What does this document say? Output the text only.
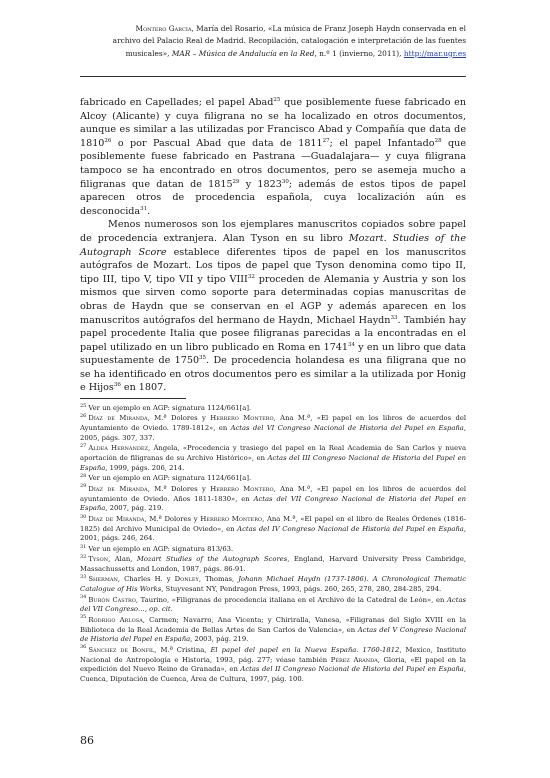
Montero García, María del Rosario, «La música de Franz Joseph Haydn conservada en el
archivo del Palacio Real de Madrid. Recopilación, catalogación e interpretación de las fuentes
musicales», MAR – Música de Andalucía en la Red, n.º 1 (invierno, 2011), http://mar.ugr.es

fabricado en Capellades; el papel Abad$^{25}$ que posiblemente fuese fabricado en Alcoy (Alicante) y cuya filigrana no se ha localizado en otros documentos, aunque es similar a las utilizadas por Francisco Abad y Compañía que data de 1810$^{26}$ o por Pascual Abad que data de 1811$^{27}$; el papel Infantado$^{28}$ que posiblemente fuese fabricado en Pastrana —Guadalajara— y cuya filigrana tampoco se ha encontrado en otros documentos, pero se asemeja mucho a filigranas que datan de 1815$^{29}$ y 1823$^{30}$; además de estos tipos de papel aparecen otros de procedencia española, cuya localización aún es desconocida$^{31}$.

Menos numerosos son los ejemplares manuscritos copiados sobre papel de procedencia extranjera. Alan Tyson en su libro Mozart. Studies of the Autograph Score establece diferentes tipos de papel en los manuscritos autógrafos de Mozart. Los tipos de papel que Tyson denomina como tipo II, tipo III, tipo V, tipo VII y tipo VIII$^{32}$ proceden de Alemania y Austria y son los mismos que sirven como soporte para determinadas copias manuscritas de obras de Haydn que se conservan en el AGP y además aparecen en los manuscritos autógrafos del hermano de Haydn, Michael Haydn$^{33}$. También hay papel procedente Italia que posee filigranas parecidas a la encontradas en el papel utilizado en un libro publicado en Roma en 1741$^{34}$ y en un libro que data supuestamente de 1750$^{35}$. De procedencia holandesa es una filigrana que no se ha identificado en otros documentos pero es similar a la utilizada por Honig e Hijos$^{36}$ en 1807.

$^{25}$ Ver un ejemplo en AGP: signatura 1124/661[a].
$^{26}$ Díaz de Miranda, M.ª Dolores y Herrero Montero, Ana M.ª, «El papel en los libros de acuerdos del Ayuntamiento de Oviedo. 1789-1812», en Actas del VI Congreso Nacional de Historia del Papel en España, 2005, págs. 307, 337.
$^{27}$ Aldea Hernández, Ángela, «Procedencia y trasiego del papel en la Real Academia de San Carlos y nueva aportación de filigranas de su Archivo Histórico», en Actas del III Congreso Nacional de Historia del Papel en España, 1999, págs. 206, 214.
$^{28}$ Ver un ejemplo en AGP: signatura 1124/661[a].
$^{29}$ Díaz de Miranda, M.ª Dolores y Herrero Montero, Ana M.ª, «El papel en los libros de acuerdos del ayuntamiento de Oviedo. Años 1811-1830», en Actas del VII Congreso Nacional de Historia del Papel en España, 2007, pág. 219.
$^{30}$ Díaz de Miranda, M.ª Dolores y Herrero Montero, Ana M.ª, «El papel en el libro de Reales Órdenes (1816-1825) del Archivo Municipal de Oviedo», en Actas del IV Congreso Nacional de Historia del Papel en España, 2001, págs. 246, 264.
$^{31}$ Ver un ejemplo en AGP: signatura 813/63.
$^{32}$ Tyson, Alan, Mozart Studies of the Autograph Scores, England, Harvard University Press Cambridge, Massachussetts and London, 1987, págs. 86-91.
$^{33}$ Sherman, Charles H. y Donley, Thomas, Johann Michael Haydn (1737-1806). A Chronological Thematic Catalogue of His Works, Stuyvesant NY, Pendragon Press, 1993, págs. 260, 265, 278, 280, 284-285, 294.
$^{34}$ Burón Castro, Taurino, «Filigranas de procedencia italiana en el Archivo de la Catedral de León», en Actas del VII Congreso…, op. cit.
$^{35}$ Rodrigo Arlosa, Carmen; Navarro, Ana Vicenta; y Chiriralla, Vanesa, «Filigranas del Siglo XVIII en la Biblioteca de la Real Academia de Bellas Artes de San Carlos de Valencia», en Actas del V Congreso Nacional de Historia del Papel en España, 2003, pág. 219.
$^{36}$ Sánchez de Bonfil, M.ª Cristina, El papel del papel en la Nueva España. 1760-1812, Mexico, Instituto Nacional de Antropología e Historia, 1993, pág. 277; véase también Pérez Aranda, Gloria, «El papel en la expedición del Nuevo Reino de Granada», en Actas del II Congreso Nacional de Historia del Papel en España, Cuenca, Diputación de Cuenca, Área de Cultura, 1997, pág. 100.
86
